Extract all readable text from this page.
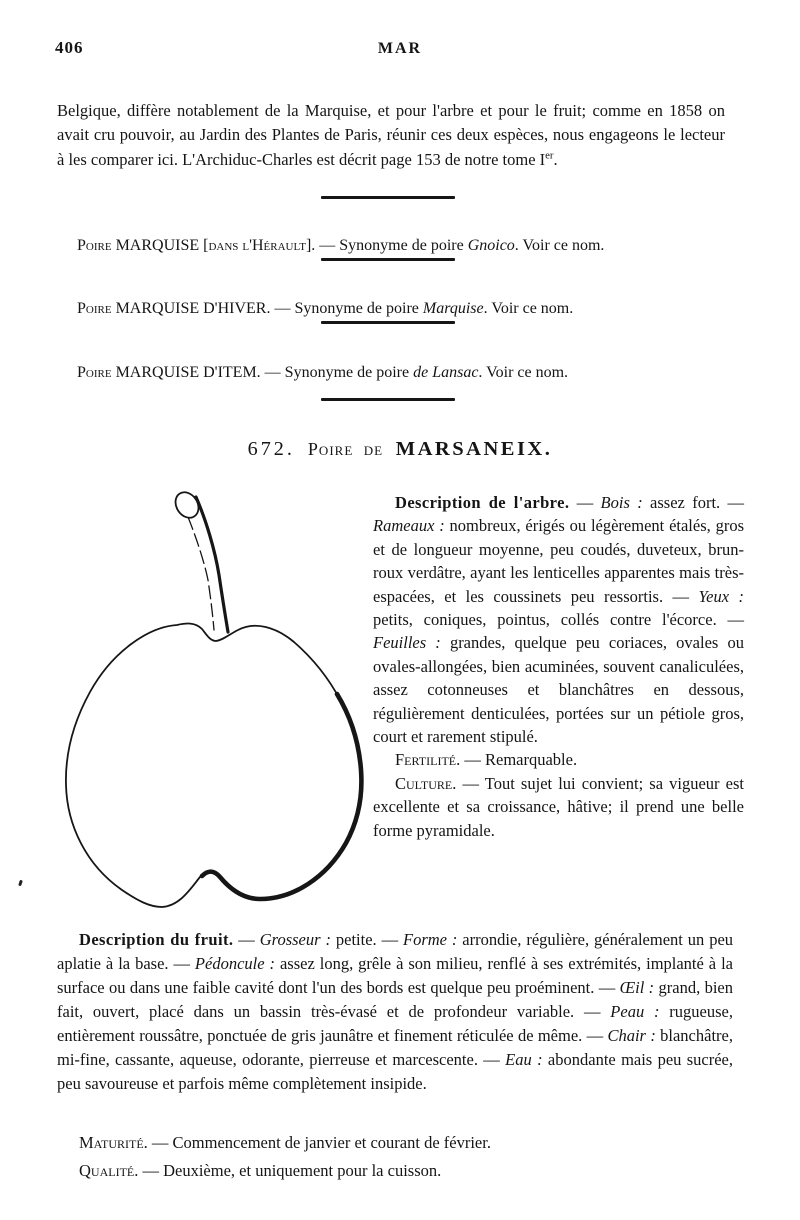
406	MAR

Belgique, diffère notablement de la Marquise, et pour l'arbre et pour le fruit; comme en 1858 on avait cru pouvoir, au Jardin des Plantes de Paris, réunir ces deux espèces, nous engageons le lecteur à les comparer ici. L'Archiduc-Charles est décrit page 153 de notre tome Ier.

Poire MARQUISE [dans l'Hérault]. — Synonyme de poire Gnoico. Voir ce nom.

Poire MARQUISE D'HIVER. — Synonyme de poire Marquise. Voir ce nom.

Poire MARQUISE D'ITEM. — Synonyme de poire de Lansac. Voir ce nom.

672. Poire de MARSANEIX.

Description de l'arbre. — Bois : assez fort. — Rameaux : nombreux, érigés ou légèrement étalés, gros et de longueur moyenne, peu coudés, duveteux, brun-roux verdâtre, ayant les lenticelles apparentes mais très-espacées, et les coussinets peu ressortis. — Yeux : petits, coniques, pointus, collés contre l'écorce. — Feuilles : grandes, quelque peu coriaces, ovales ou ovales-allongées, bien acuminées, souvent canaliculées, assez cotonneuses et blanchâtres en dessous, régulièrement denticulées, portées sur un pétiole gros, court et rarement stipulé.

Fertilité. — Remarquable.

Culture. — Tout sujet lui convient; sa vigueur est excellente et sa croissance, hâtive; il prend une belle forme pyramidale.

Description du fruit. — Grosseur : petite. — Forme : arrondie, régulière, généralement un peu aplatie à la base. — Pédoncule : assez long, grêle à son milieu, renflé à ses extrémités, implanté à la surface ou dans une faible cavité dont l'un des bords est quelque peu proéminent. — Œil : grand, bien fait, ouvert, placé dans un bassin très-évasé et de profondeur variable. — Peau : rugueuse, entièrement roussâtre, ponctuée de gris jaunâtre et finement réticulée de même. — Chair : blanchâtre, mi-fine, cassante, aqueuse, odorante, pierreuse et marcescente. — Eau : abondante mais peu sucrée, peu savoureuse et parfois même complètement insipide.

Maturité. — Commencement de janvier et courant de février.

Qualité. — Deuxième, et uniquement pour la cuisson.
